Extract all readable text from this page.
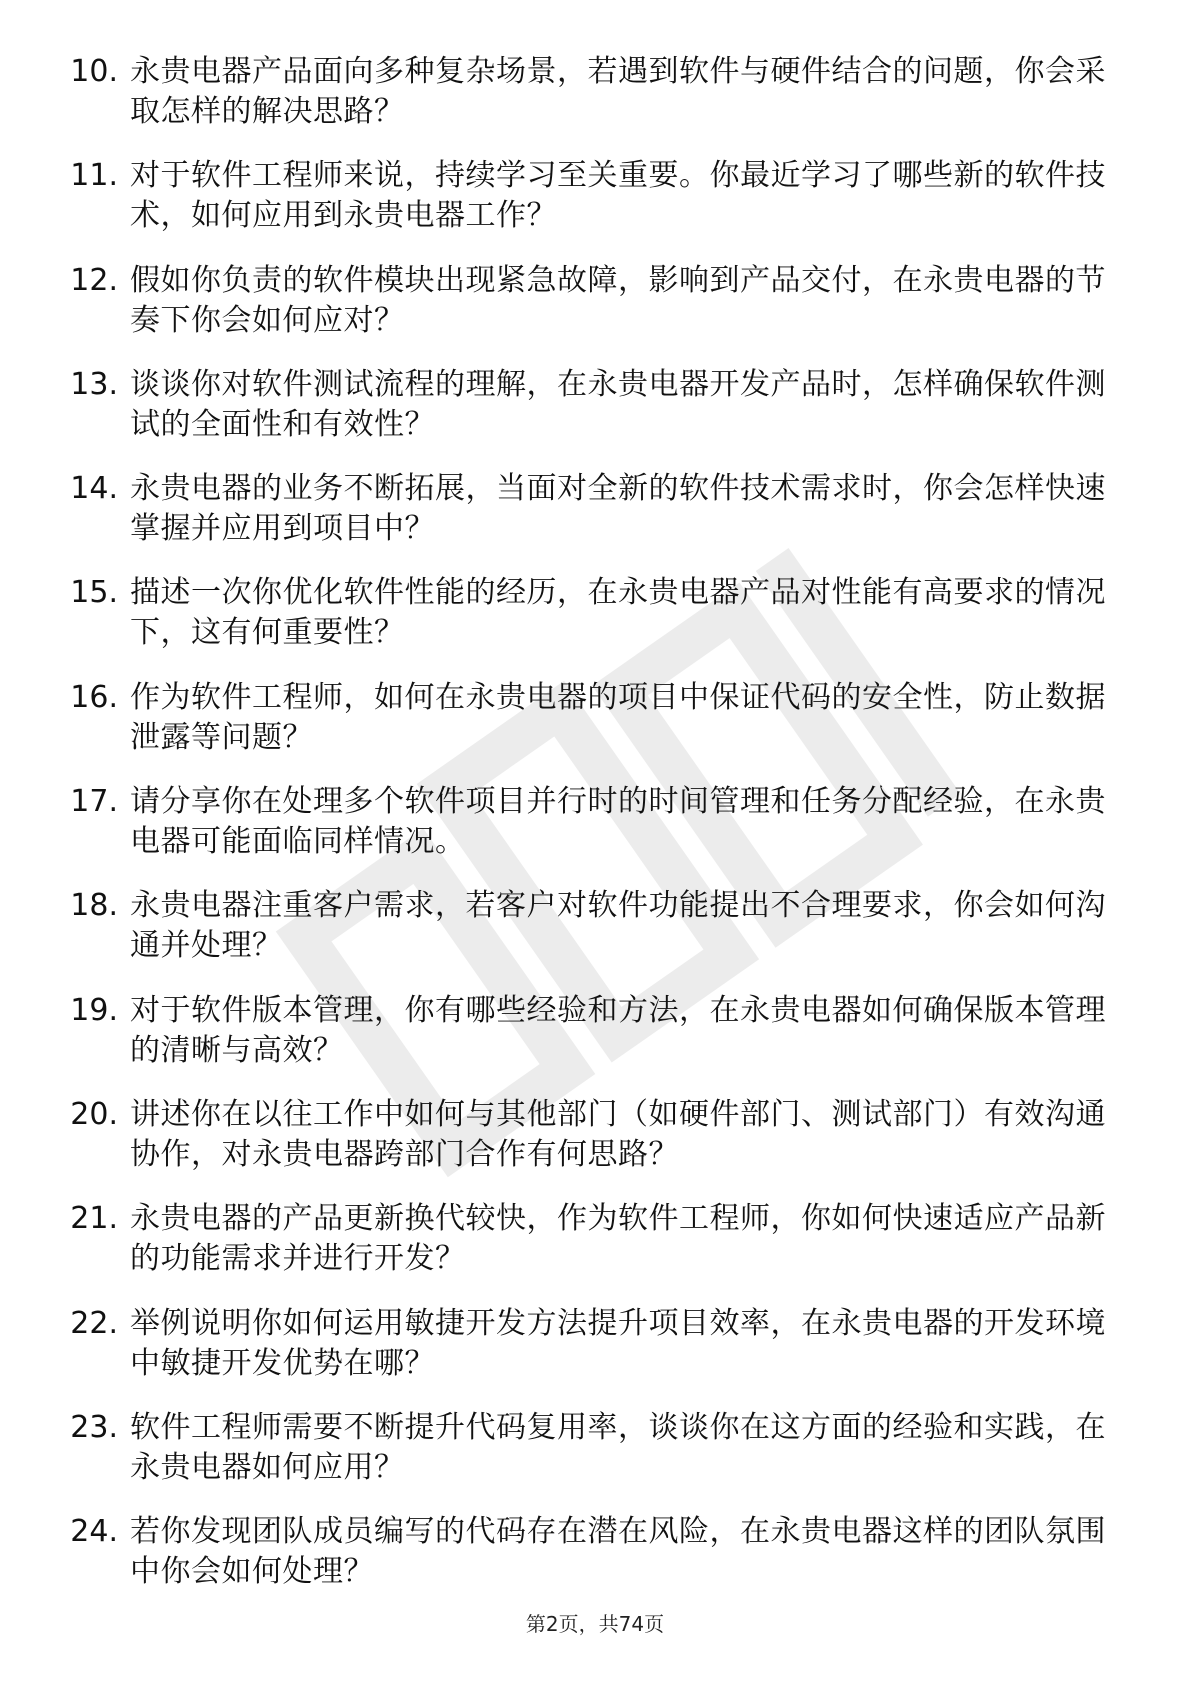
10. 永贵电器产品面向多种复杂场景，若遇到软件与硬件结合的问题，你会采取怎样的解决思路？
11. 对于软件工程师来说，持续学习至关重要。你最近学习了哪些新的软件技术，如何应用到永贵电器工作？
12. 假如你负责的软件模块出现紧急故障，影响到产品交付，在永贵电器的节奏下你会如何应对？
13. 谈谈你对软件测试流程的理解，在永贵电器开发产品时，怎样确保软件测试的全面性和有效性？
14. 永贵电器的业务不断拓展，当面对全新的软件技术需求时，你会怎样快速掌握并应用到项目中？
15. 描述一次你优化软件性能的经历，在永贵电器产品对性能有高要求的情况下，这有何重要性？
16. 作为软件工程师，如何在永贵电器的项目中保证代码的安全性，防止数据泄露等问题？
17. 请分享你在处理多个软件项目并行时的时间管理和任务分配经验，在永贵电器可能面临同样情况。
18. 永贵电器注重客户需求，若客户对软件功能提出不合理要求，你会如何沟通并处理？
19. 对于软件版本管理，你有哪些经验和方法，在永贵电器如何确保版本管理的清晰与高效？
20. 讲述你在以往工作中如何与其他部门（如硬件部门、测试部门）有效沟通协作，对永贵电器跨部门合作有何思路？
21. 永贵电器的产品更新换代较快，作为软件工程师，你如何快速适应产品新的功能需求并进行开发？
22. 举例说明你如何运用敏捷开发方法提升项目效率，在永贵电器的开发环境中敏捷开发优势在哪？
23. 软件工程师需要不断提升代码复用率，谈谈你在这方面的经验和实践，在永贵电器如何应用？
24. 若你发现团队成员编写的代码存在潜在风险，在永贵电器这样的团队氛围中你会如何处理？
第2页，共74页
